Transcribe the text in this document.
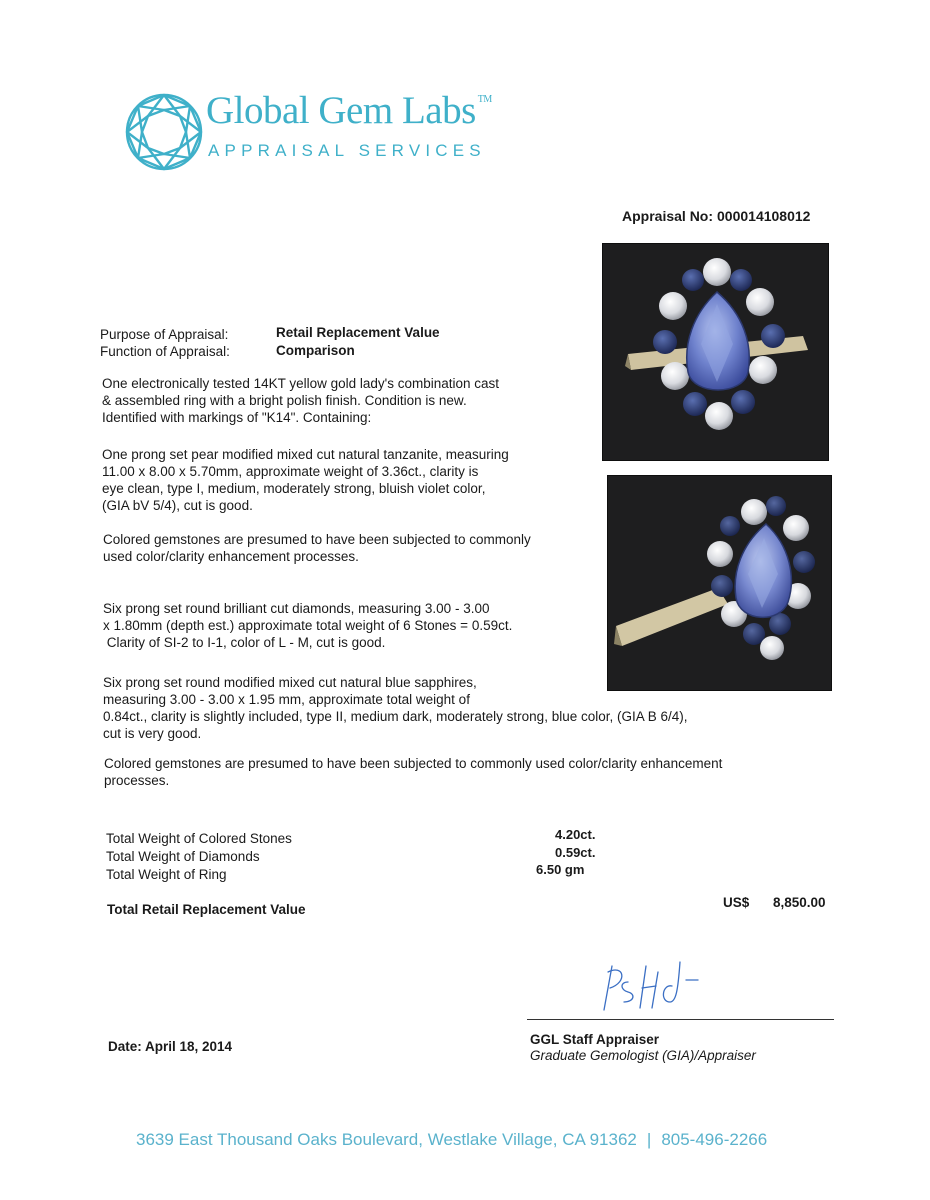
Global Gem Labs ™
APPRAISAL SERVICES
Appraisal No: 000014108012
Purpose of Appraisal:	Retail Replacement Value
Function of Appraisal:	Comparison
One electronically tested 14KT yellow gold lady's combination cast
& assembled ring with a bright polish finish. Condition is new.
Identified with markings of "K14". Containing:
One prong set pear modified mixed cut natural tanzanite, measuring
11.00 x 8.00 x 5.70mm, approximate weight of 3.36ct., clarity is
eye clean, type I, medium, moderately strong, bluish violet color,
(GIA bV 5/4), cut is good.
Colored gemstones are presumed to have been subjected to commonly
used color/clarity enhancement processes.
Six prong set round brilliant cut diamonds, measuring 3.00 - 3.00
x 1.80mm (depth est.) approximate total weight of 6 Stones = 0.59ct.
Clarity of SI-2 to I-1, color of L - M, cut is good.
Six prong set round modified mixed cut natural blue sapphires,
measuring 3.00 - 3.00 x 1.95 mm, approximate total weight of
0.84ct., clarity is slightly included, type II, medium dark, moderately strong, blue color, (GIA B 6/4),
cut is very good.
Colored gemstones are presumed to have been subjected to commonly used color/clarity enhancement
processes.
Total Weight of Colored Stones	4.20ct.
Total Weight of Diamonds	0.59ct.
Total Weight of Ring	6.50 gm
Total Retail Replacement Value	US$ 8,850.00
GGL Staff Appraiser
Graduate Gemologist (GIA)/Appraiser
Date: April 18, 2014
3639 East Thousand Oaks Boulevard, Westlake Village, CA 91362 | 805-496-2266
